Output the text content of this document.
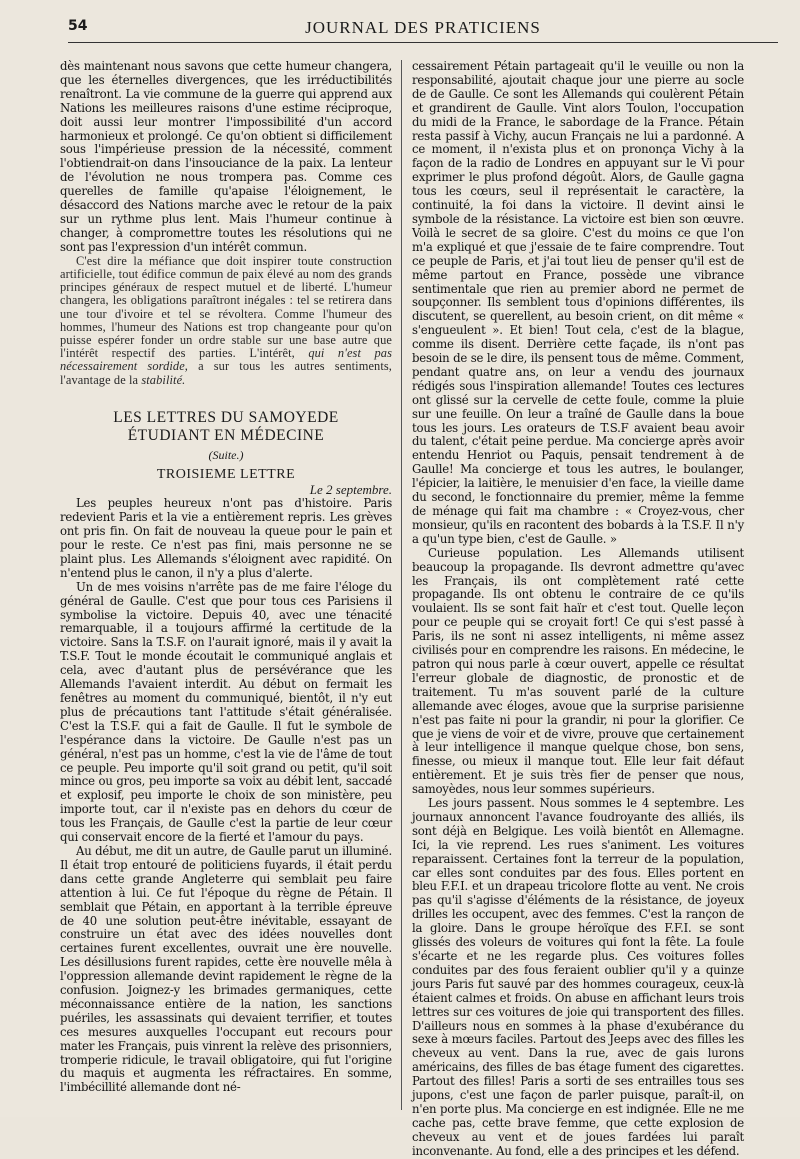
54	JOURNAL DES PRATICIENS

dès maintenant nous savons que cette humeur changera, que les éternelles divergences, que les irréductibilités renaîtront. La vie commune de la guerre qui apprend aux Nations les meilleures raisons d'une estime réciproque, doit aussi leur montrer l'impossibilité d'un accord harmonieux et prolongé. Ce qu'on obtient si difficilement sous l'impérieuse pression de la nécessité, comment l'obtiendrait-on dans l'insouciance de la paix. La lenteur de l'évolution ne nous trompera pas. Comme ces querelles de famille qu'apaise l'éloignement, le désaccord des Nations marche avec le retour de la paix sur un rythme plus lent. Mais l'humeur continue à changer, à compromettre toutes les résolutions qui ne sont pas l'expression d'un intérêt commun.

C'est dire la méfiance que doit inspirer toute construction artificielle, tout édifice commun de paix élevé au nom des grands principes généraux de respect mutuel et de liberté. L'humeur changera, les obligations paraîtront inégales : tel se retirera dans une tour d'ivoire et tel se révoltera. Comme l'humeur des hommes, l'humeur des Nations est trop changeante pour qu'on puisse espérer fonder un ordre stable sur une base autre que l'intérêt respectif des parties. L'intérêt, qui n'est pas nécessairement sordide, a sur tous les autres sentiments, l'avantage de la stabilité.

LES LETTRES DU SAMOYEDE
ÉTUDIANT EN MÉDECINE
(Suite.)
TROISIEME LETTRE
Le 2 septembre.

Les peuples heureux n'ont pas d'histoire. Paris redevient Paris et la vie a entièrement repris. Les grèves ont pris fin. On fait de nouveau la queue pour le pain et pour le reste. Ce n'est pas fini, mais personne ne se plaint plus. Les Allemands s'éloignent avec rapidité. On n'entend plus le canon, il n'y a plus d'alerte.

Un de mes voisins n'arrête pas de me faire l'éloge du général de Gaulle. C'est que pour tous ces Parisiens il symbolise la victoire. Depuis 40, avec une ténacité remarquable, il a toujours affirmé la certitude de la victoire. Sans la T.S.F. on l'aurait ignoré, mais il y avait la T.S.F. Tout le monde écoutait le communiqué anglais et cela, avec d'autant plus de persévérance que les Allemands l'avaient interdit. Au début on fermait les fenêtres au moment du communiqué, bientôt, il n'y eut plus de précautions tant l'attitude s'était généralisée. C'est la T.S.F. qui a fait de Gaulle. Il fut le symbole de l'espérance dans la victoire. De Gaulle n'est pas un général, n'est pas un homme, c'est la vie de l'âme de tout ce peuple. Peu importe qu'il soit grand ou petit, qu'il soit mince ou gros, peu importe sa voix au débit lent, saccadé et explosif, peu importe le choix de son ministère, peu importe tout, car il n'existe pas en dehors du cœur de tous les Français, de Gaulle c'est la partie de leur cœur qui conservait encore de la fierté et l'amour du pays.

Au début, me dit un autre, de Gaulle parut un illuminé. Il était trop entouré de politiciens fuyards, il était perdu dans cette grande Angleterre qui semblait peu faire attention à lui. Ce fut l'époque du règne de Pétain. Il semblait que Pétain, en apportant à la terrible épreuve de 40 une solution peut-être inévitable, essayant de construire un état avec des idées nouvelles dont certaines furent excellentes, ouvrait une ère nouvelle. Les désillusions furent rapides, cette ère nouvelle mêla à l'oppression allemande devint rapidement le règne de la confusion. Joignez-y les brimades germaniques, cette méconnaissance entière de la nation, les sanctions puériles, les assassinats qui devaient terrifier, et toutes ces mesures auxquelles l'occupant eut recours pour mater les Français, puis vinrent la relève des prisonniers, tromperie ridicule, le travail obligatoire, qui fut l'origine du maquis et augmenta les réfractaires. En somme, l'imbécillité allemande dont né-

cessairement Pétain partageait qu'il le veuille ou non la responsabilité, ajoutait chaque jour une pierre au socle de de Gaulle. Ce sont les Allemands qui coulèrent Pétain et grandirent de Gaulle. Vint alors Toulon, l'occupation du midi de la France, le sabordage de la France. Pétain resta passif à Vichy, aucun Français ne lui a pardonné. A ce moment, il n'exista plus et on prononça Vichy à la façon de la radio de Londres en appuyant sur le Vi pour exprimer le plus profond dégoût. Alors, de Gaulle gagna tous les cœurs, seul il représentait le caractère, la continuité, la foi dans la victoire. Il devint ainsi le symbole de la résistance. La victoire est bien son œuvre. Voilà le secret de sa gloire. C'est du moins ce que l'on m'a expliqué et que j'essaie de te faire comprendre. Tout ce peuple de Paris, et j'ai tout lieu de penser qu'il est de même partout en France, possède une vibrance sentimentale que rien au premier abord ne permet de soupçonner. Ils semblent tous d'opinions différentes, ils discutent, se querellent, au besoin crient, on dit même « s'engueulent ». Et bien! Tout cela, c'est de la blague, comme ils disent. Derrière cette façade, ils n'ont pas besoin de se le dire, ils pensent tous de même. Comment, pendant quatre ans, on leur a vendu des journaux rédigés sous l'inspiration allemande! Toutes ces lectures ont glissé sur la cervelle de cette foule, comme la pluie sur une feuille. On leur a traîné de Gaulle dans la boue tous les jours. Les orateurs de T.S.F avaient beau avoir du talent, c'était peine perdue. Ma concierge après avoir entendu Henriot ou Paquis, pensait tendrement à de Gaulle! Ma concierge et tous les autres, le boulanger, l'épicier, la laitière, le menuisier d'en face, la vieille dame du second, le fonctionnaire du premier, même la femme de ménage qui fait ma chambre : « Croyez-vous, cher monsieur, qu'ils en racontent des bobards à la T.S.F. Il n'y a qu'un type bien, c'est de Gaulle. »

Curieuse population. Les Allemands utilisent beaucoup la propagande. Ils devront admettre qu'avec les Français, ils ont complètement raté cette propagande. Ils ont obtenu le contraire de ce qu'ils voulaient. Ils se sont fait haïr et c'est tout. Quelle leçon pour ce peuple qui se croyait fort! Ce qui s'est passé à Paris, ils ne sont ni assez intelligents, ni même assez civilisés pour en comprendre les raisons. En médecine, le patron qui nous parle à cœur ouvert, appelle ce résultat l'erreur globale de diagnostic, de pronostic et de traitement. Tu m'as souvent parlé de la culture allemande avec éloges, avoue que la surprise parisienne n'est pas faite ni pour la grandir, ni pour la glorifier. Ce que je viens de voir et de vivre, prouve que certainement à leur intelligence il manque quelque chose, bon sens, finesse, ou mieux il manque tout. Elle leur fait défaut entièrement. Et je suis très fier de penser que nous, samoyèdes, nous leur sommes supérieurs.

Les jours passent. Nous sommes le 4 septembre. Les journaux annoncent l'avance foudroyante des alliés, ils sont déjà en Belgique. Les voilà bientôt en Allemagne. Ici, la vie reprend. Les rues s'animent. Les voitures reparaissent. Certaines font la terreur de la population, car elles sont conduites par des fous. Elles portent en bleu F.F.I. et un drapeau tricolore flotte au vent. Ne crois pas qu'il s'agisse d'éléments de la résistance, de joyeux drilles les occupent, avec des femmes. C'est la rançon de la gloire. Dans le groupe héroïque des F.F.I. se sont glissés des voleurs de voitures qui font la fête. La foule s'écarte et ne les regarde plus. Ces voitures folles conduites par des fous feraient oublier qu'il y a quinze jours Paris fut sauvé par des hommes courageux, ceux-là étaient calmes et froids. On abuse en affichant leurs trois lettres sur ces voitures de joie qui transportent des filles. D'ailleurs nous en sommes à la phase d'exubérance du sexe à mœurs faciles. Partout des Jeeps avec des filles les cheveux au vent. Dans la rue, avec de gais lurons américains, des filles de bas étage fument des cigarettes. Partout des filles! Paris a sorti de ses entrailles tous ses jupons, c'est une façon de parler puisque, paraît-il, on n'en porte plus. Ma concierge en est indignée. Elle ne me cache pas, cette brave femme, que cette explosion de cheveux au vent et de joues fardées lui paraît inconvenante. Au fond, elle a des principes et les défend.
